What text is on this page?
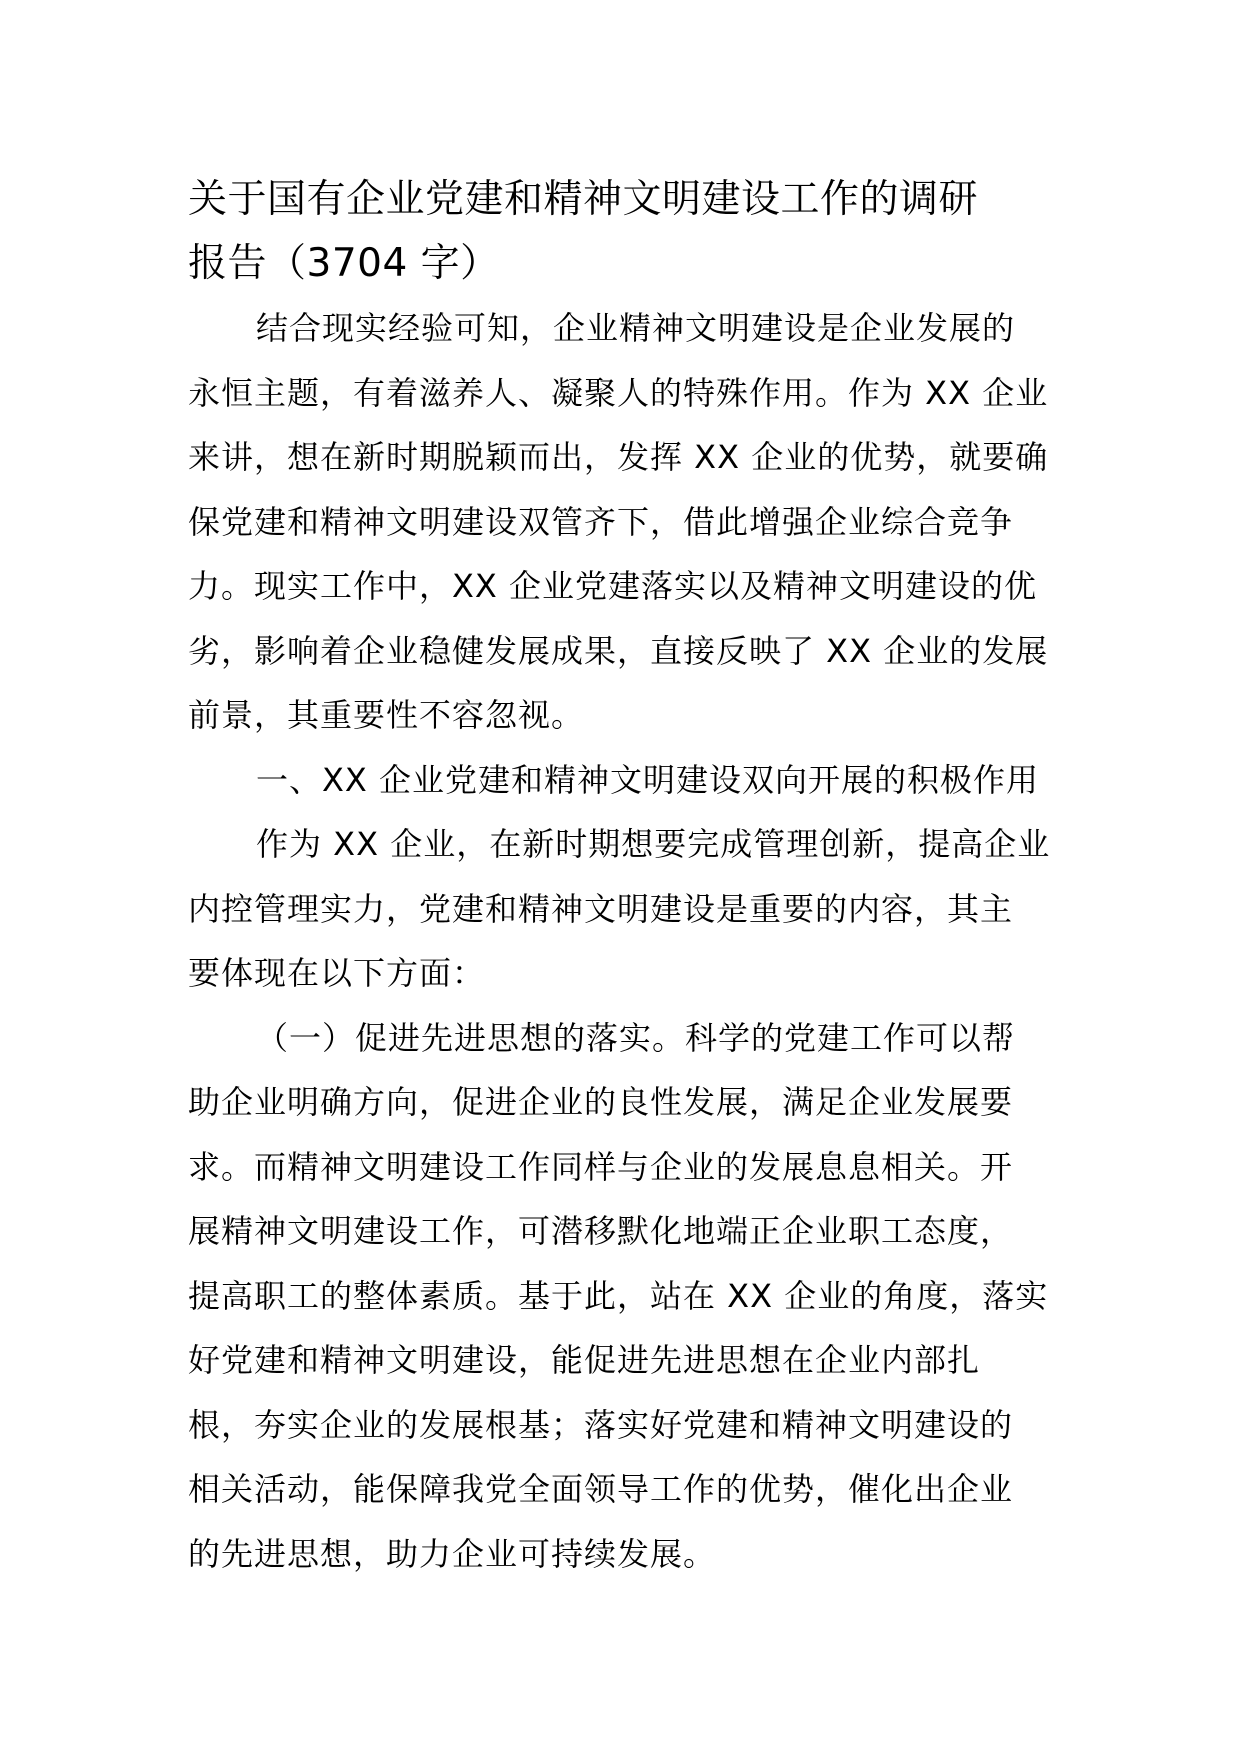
关于国有企业党建和精神文明建设工作的调研
报告（3704 字）
结合现实经验可知，企业精神文明建设是企业发展的
永恒主题，有着滋养人、凝聚人的特殊作用。作为 XX 企业
来讲，想在新时期脱颖而出，发挥 XX 企业的优势，就要确
保党建和精神文明建设双管齐下，借此增强企业综合竞争
力。现实工作中，XX 企业党建落实以及精神文明建设的优
劣，影响着企业稳健发展成果，直接反映了 XX 企业的发展
前景，其重要性不容忽视。
一、XX 企业党建和精神文明建设双向开展的积极作用
作为 XX 企业，在新时期想要完成管理创新，提高企业
内控管理实力，党建和精神文明建设是重要的内容，其主
要体现在以下方面：
（一）促进先进思想的落实。科学的党建工作可以帮
助企业明确方向，促进企业的良性发展，满足企业发展要
求。而精神文明建设工作同样与企业的发展息息相关。开
展精神文明建设工作，可潜移默化地端正企业职工态度，
提高职工的整体素质。基于此，站在 XX 企业的角度，落实
好党建和精神文明建设，能促进先进思想在企业内部扎
根，夯实企业的发展根基；落实好党建和精神文明建设的
相关活动，能保障我党全面领导工作的优势，催化出企业
的先进思想，助力企业可持续发展。
